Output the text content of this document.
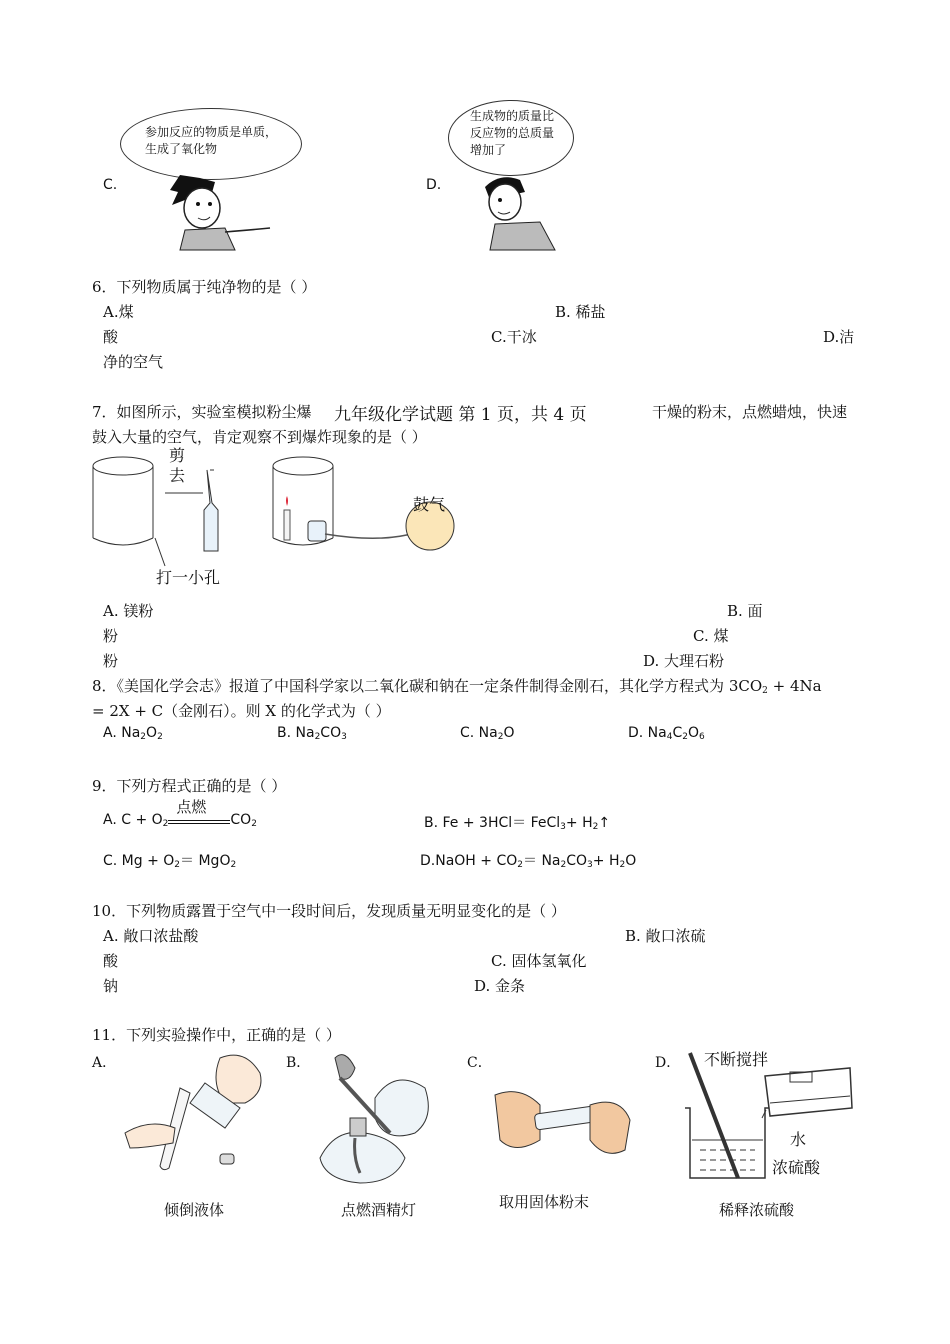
C.
参加反应的物质是单质，生成了氧化物
D.
生成物的质量比反应物的总质量增加了
6．下列物质属于纯净物的是（ ）
A.煤	B. 稀盐
酸	C.干冰	D.洁
净的空气
7．如图所示，实验室模拟粉尘爆 九年级化学试题 第 1 页，共 4 页	干燥的粉末，点燃蜡烛，快速
鼓入大量的空气，肯定观察不到爆炸现象的是（ ）
剪去
打一小孔
鼓气
A. 镁粉	B. 面
粉	C. 煤
粉	D. 大理石粉
8．《美国化学会志》报道了中国科学家以二氧化碳和钠在一定条件制得金刚石，其化学方程式为 $3CO_2 + 4Na$
= 2X + C（金刚石）。则 X 的化学式为（ ）
A. $Na_2O_2$	B. $Na_2CO_3$	C. $Na_2O$	D. $Na_4C_2O_6$
9．下列方程式正确的是（ ）
A. $C + O_2$
点燃
$CO_2$	B. Fe + 3HCl＝ FeCl$_3$+ $H_2↑$
C. $Mg + O_2= MgO_2$	D.NaOH + $CO_2= Na_2CO_3+ H_2O$
10．下列物质露置于空气中一段时间后，发现质量无明显变化的是（ ）
A. 敞口浓盐酸	B. 敞口浓硫
酸	C. 固体氢氧化
钠	D. 金条
11．下列实验操作中，正确的是（ ）
A．	B．	C．	D． 不断搅拌
水
浓硫酸
倾倒液体	点燃酒精灯	取用固体粉末	稀释浓硫酸
